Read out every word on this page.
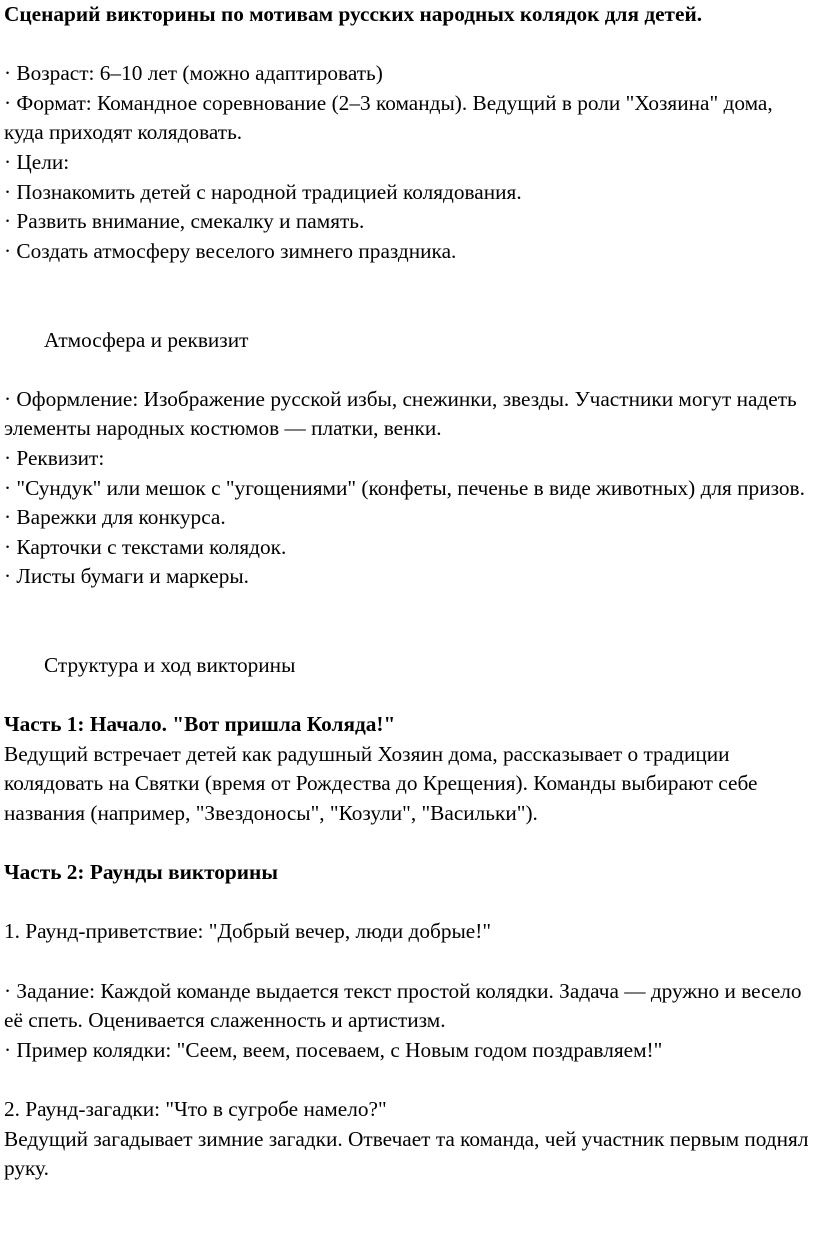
Сценарий викторины по мотивам русских народных колядок для детей.

· Возраст: 6–10 лет (можно адаптировать)

· Формат: Командное соревнование (2–3 команды). Ведущий в роли "Хозяина" дома, куда приходят колядовать.

· Цели:

· Познакомить детей с народной традицией колядования.

· Развить внимание, смекалку и память.

· Создать атмосферу веселого зимнего праздника.

Атмосфера и реквизит

· Оформление: Изображение русской избы, снежинки, звезды. Участники могут надеть элементы народных костюмов — платки, венки.

· Реквизит:

· "Сундук" или мешок с "угощениями" (конфеты, печенье в виде животных) для призов.

· Варежки для конкурса.

· Карточки с текстами колядок.

· Листы бумаги и маркеры.

Структура и ход викторины

Часть 1: Начало. "Вот пришла Коляда!"

Ведущий встречает детей как радушный Хозяин дома, рассказывает о традиции колядовать на Святки (время от Рождества до Крещения). Команды выбирают себе названия (например, "Звездоносы", "Козули", "Васильки").

Часть 2: Раунды викторины

1. Раунд-приветствие: "Добрый вечер, люди добрые!"

· Задание: Каждой команде выдается текст простой колядки. Задача — дружно и весело её спеть. Оценивается слаженность и артистизм.

· Пример колядки: "Сеем, веем, посеваем, с Новым годом поздравляем!"

2. Раунд-загадки: "Что в сугробе намело?"

Ведущий загадывает зимние загадки. Отвечает та команда, чей участник первым поднял руку.
